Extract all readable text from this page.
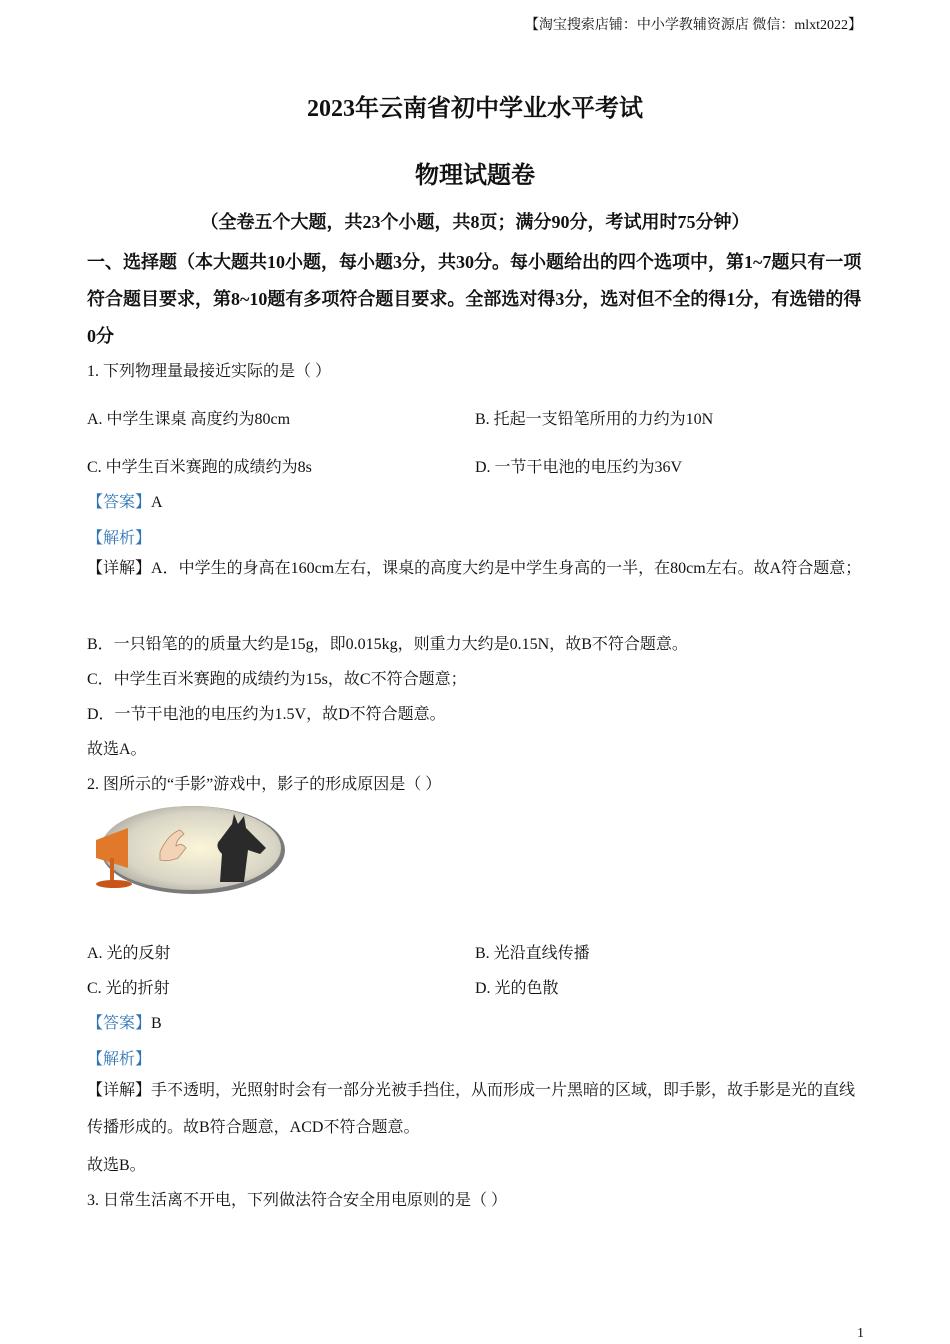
【淘宝搜索店铺：中小学教辅资源店 微信：mlxt2022】
2023年云南省初中学业水平考试
物理试题卷
（全卷五个大题，共23个小题，共8页；满分90分，考试用时75分钟）
一、选择题（本大题共10小题，每小题3分，共30分。每小题给出的四个选项中，第1~7题只有一项符合题目要求，第8~10题有多项符合题目要求。全部选对得3分，选对但不全的得1分，有选错的得0分
1. 下列物理量最接近实际的是（ ）
A. 中学生课桌 高度约为80cm	B. 托起一支铅笔所用的力约为10N
C. 中学生百米赛跑的成绩约为8s	D. 一节干电池的电压约为36V
【答案】A
【解析】
【详解】A．中学生的身高在160cm左右，课桌的高度大约是中学生身高的一半，在80cm左右。故A符合题意；
B．一只铅笔的的质量大约是15g，即0.015kg，则重力大约是0.15N，故B不符合题意。
C．中学生百米赛跑的成绩约为15s，故C不符合题意；
D．一节干电池的电压约为1.5V，故D不符合题意。
故选A。
2. 图所示的“手影”游戏中，影子的形成原因是（ ）
A. 光的反射	B. 光沿直线传播
C. 光的折射	D. 光的色散
【答案】B
【解析】
【详解】手不透明，光照射时会有一部分光被手挡住，从而形成一片黑暗的区域，即手影，故手影是光的直线传播形成的。故B符合题意，ACD不符合题意。
故选B。
3. 日常生活离不开电，下列做法符合安全用电原则的是（ ）
1
